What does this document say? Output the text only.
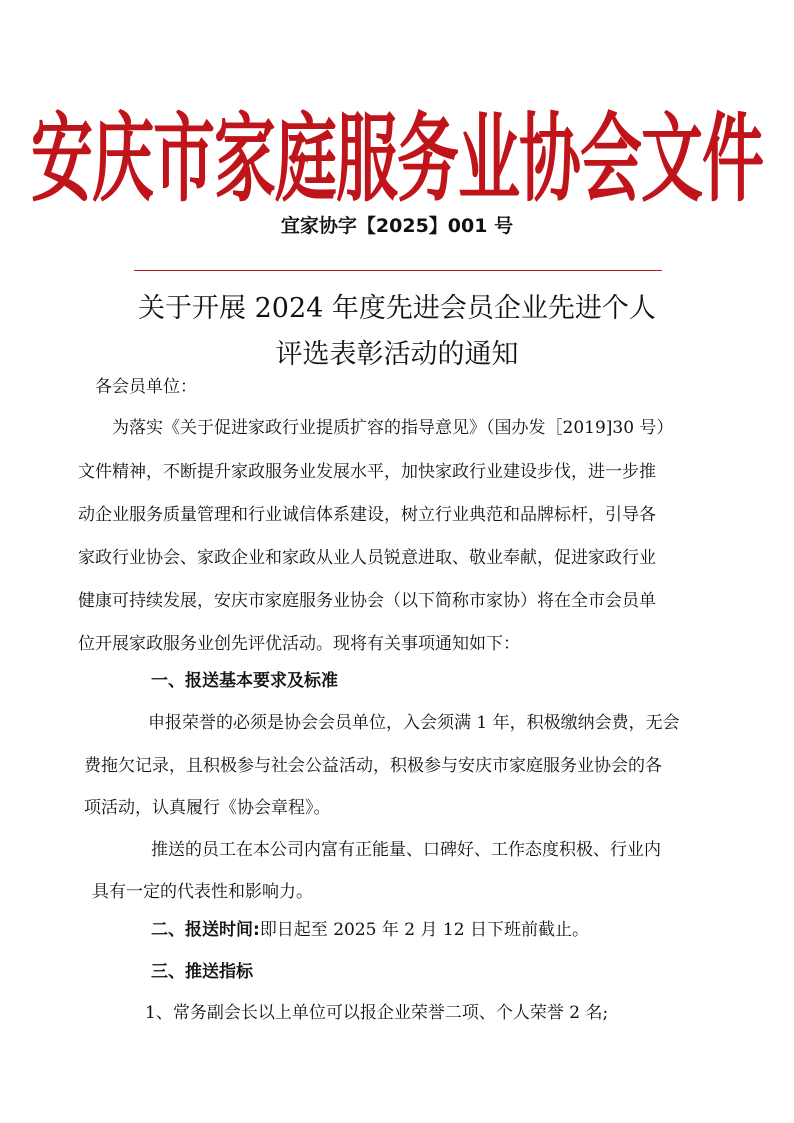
安庆市家庭服务业协会文件
宜家协字【2025】001 号
关于开展 2024 年度先进会员企业先进个人
评选表彰活动的通知
各会员单位：
为落实《关于促进家政行业提质扩容的指导意见》（国办发［2019]30 号）
文件精神，不断提升家政服务业发展水平，加快家政行业建设步伐，进一步推
动企业服务质量管理和行业诚信体系建设，树立行业典范和品牌标杆，引导各
家政行业协会、家政企业和家政从业人员锐意进取、敬业奉献，促进家政行业
健康可持续发展，安庆市家庭服务业协会（以下简称市家协）将在全市会员单
位开展家政服务业创先评优活动。现将有关事项通知如下：
一、报送基本要求及标准
申报荣誉的必须是协会会员单位，入会须满 1 年，积极缴纳会费，无会
费拖欠记录，且积极参与社会公益活动，积极参与安庆市家庭服务业协会的各
项活动，认真履行《协会章程》。
推送的员工在本公司内富有正能量、口碑好、工作态度积极、行业内
具有一定的代表性和影响力。
二、报送时间:即日起至 2025 年 2 月 12 日下班前截止。
三、推送指标
1、常务副会长以上单位可以报企业荣誉二项、个人荣誉 2 名;
